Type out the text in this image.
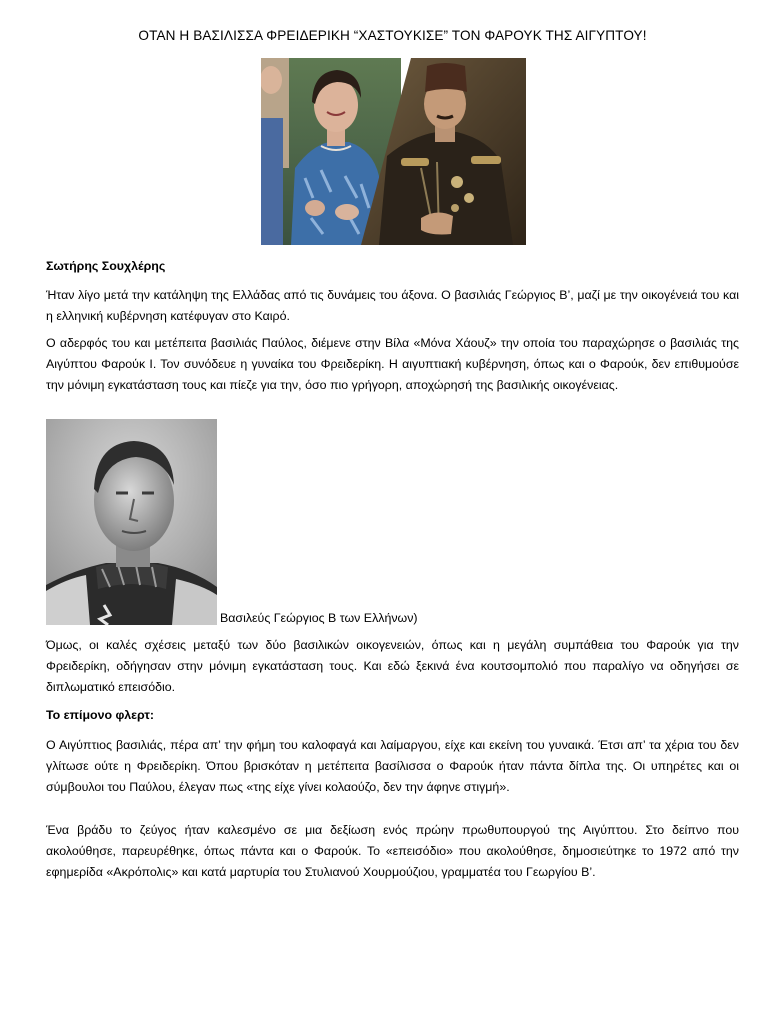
ΟΤΑΝ Η ΒΑΣΙΛΙΣΣΑ ΦΡΕΙΔΕΡΙΚΗ “ΧΑΣΤΟΥΚΙΣΕ” ΤΟΝ ΦΑΡΟΥΚ ΤΗΣ ΑΙΓΥΠΤΟΥ!
Σωτήρης Σουχλέρης

Ήταν λίγο μετά την κατάληψη της Ελλάδας από τις δυνάμεις του άξονα. Ο βασιλιάς Γεώργιος Β’, μαζί με την οικογένειά του και η ελληνική κυβέρνηση κατέφυγαν στο Καιρό.

Ο αδερφός του και μετέπειτα βασιλιάς Παύλος, διέμενε στην Βίλα «Μόνα Χάουζ» την οποία του παραχώρησε ο βασιλιάς της Αιγύπτου Φαρούκ Ι. Τον συνόδευε η γυναίκα του Φρειδερίκη. Η αιγυπτιακή κυβέρνηση, όπως και ο Φαρούκ, δεν επιθυμούσε την μόνιμη εγκατάσταση τους και πίεζε για την, όσο πιο γρήγορη, αποχώρησή της βασιλικής οικογένειας.

Βασιλεύς Γεώργιος Β των Ελλήνων)

Όμως, οι καλές σχέσεις μεταξύ των δύο βασιλικών οικογενειών, όπως και η μεγάλη συμπάθεια του Φαρούκ για την Φρειδερίκη, οδήγησαν στην μόνιμη εγκατάσταση τους. Και εδώ ξεκινά ένα κουτσομπολιό που παραλίγο να οδηγήσει σε διπλωματικό επεισόδιο.

Το επίμονο φλερτ:

Ο Αιγύπτιος βασιλιάς, πέρα απ’ την φήμη του καλοφαγά και λαίμαργου, είχε και εκείνη του γυναικά. Έτσι απ’ τα χέρια του δεν γλίτωσε ούτε η Φρειδερίκη. Όπου βρισκόταν η μετέπειτα βασίλισσα ο Φαρούκ ήταν πάντα δίπλα της. Οι υπηρέτες και οι σύμβουλοι του Παύλου, έλεγαν πως «της είχε γίνει κολαούζο, δεν την άφηνε στιγμή».

Ένα βράδυ το ζεύγος ήταν καλεσμένο σε μια δεξίωση ενός πρώην πρωθυπουργού της Αιγύπτου. Στο δείπνο που ακολούθησε, παρευρέθηκε, όπως πάντα και ο Φαρούκ. Το «επεισόδιο» που ακολούθησε, δημοσιεύτηκε το 1972 από την εφημερίδα «Ακρόπολις» και κατά μαρτυρία του Στυλιανού Χουρμούζιου, γραμματέα του Γεωργίου Β’.
